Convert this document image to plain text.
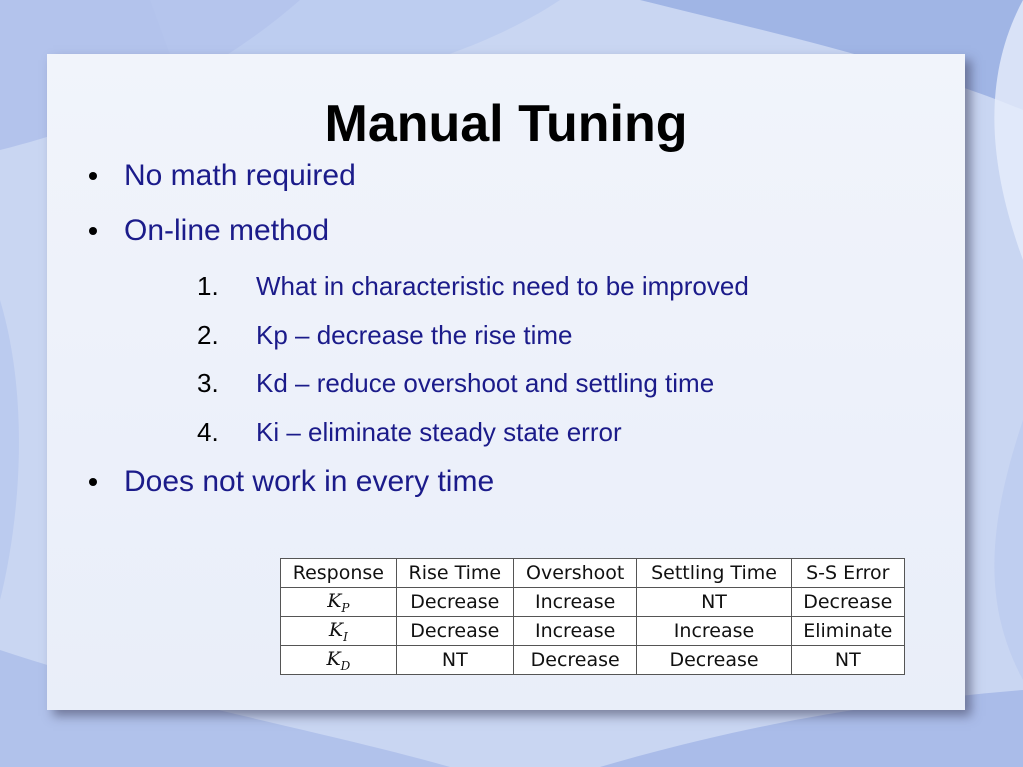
Manual Tuning
No math required
On-line method
1. What in characteristic need to be improved
2. Kp – decrease the rise time
3. Kd – reduce overshoot and settling time
4. Ki – eliminate steady state error
Does not work in every time
Response	Rise Time	Overshoot	Settling Time	S-S Error
$K_P$	Decrease	Increase	NT	Decrease
$K_I$	Decrease	Increase	Increase	Eliminate
$K_D$	NT	Decrease	Decrease	NT
